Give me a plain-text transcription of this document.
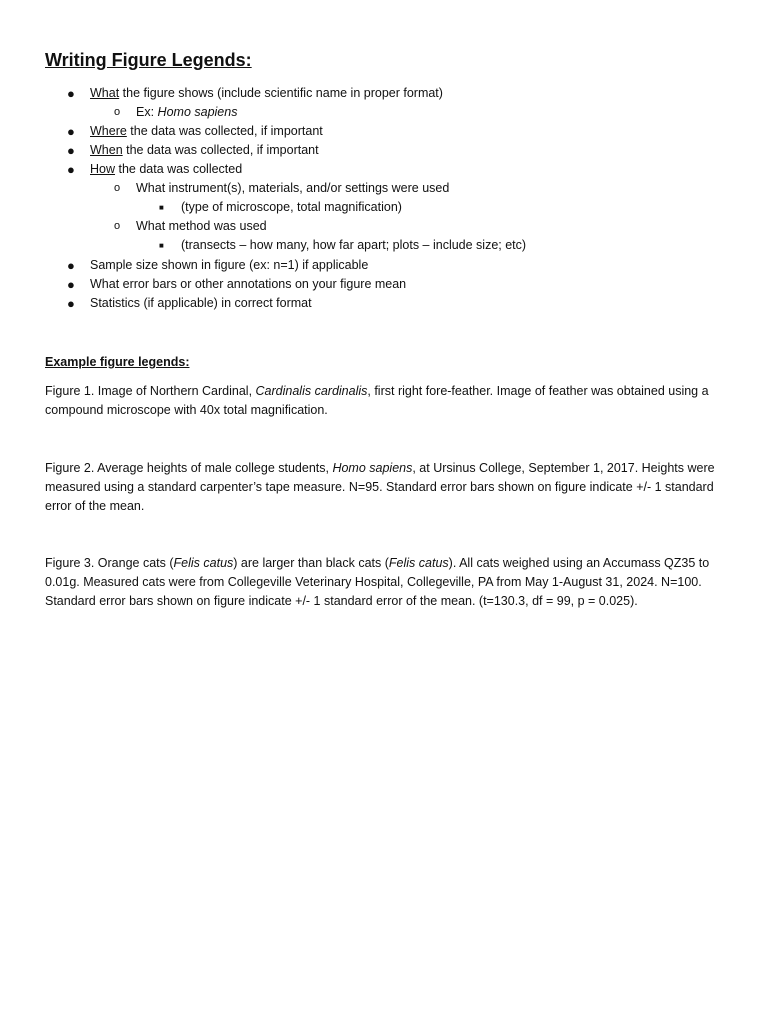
Writing Figure Legends:
● What the figure shows (include scientific name in proper format)
o Ex: Homo sapiens
● Where the data was collected, if important
● When the data was collected, if important
● How the data was collected
o What instrument(s), materials, and/or settings were used
■ (type of microscope, total magnification)
o What method was used
■ (transects – how many, how far apart; plots – include size; etc)
● Sample size shown in figure (ex: n=1) if applicable
● What error bars or other annotations on your figure mean
● Statistics (if applicable) in correct format

Example figure legends:

Figure 1. Image of Northern Cardinal, Cardinalis cardinalis, first right fore-feather. Image of feather was obtained using a compound microscope with 40x total magnification.

Figure 2. Average heights of male college students, Homo sapiens, at Ursinus College, September 1, 2017. Heights were measured using a standard carpenter’s tape measure. N=95. Standard error bars shown on figure indicate +/- 1 standard error of the mean.

Figure 3. Orange cats (Felis catus) are larger than black cats (Felis catus). All cats weighed using an Accumass QZ35 to 0.01g. Measured cats were from Collegeville Veterinary Hospital, Collegeville, PA from May 1-August 31, 2024. N=100. Standard error bars shown on figure indicate +/- 1 standard error of the mean. (t=130.3, df = 99, p = 0.025).
